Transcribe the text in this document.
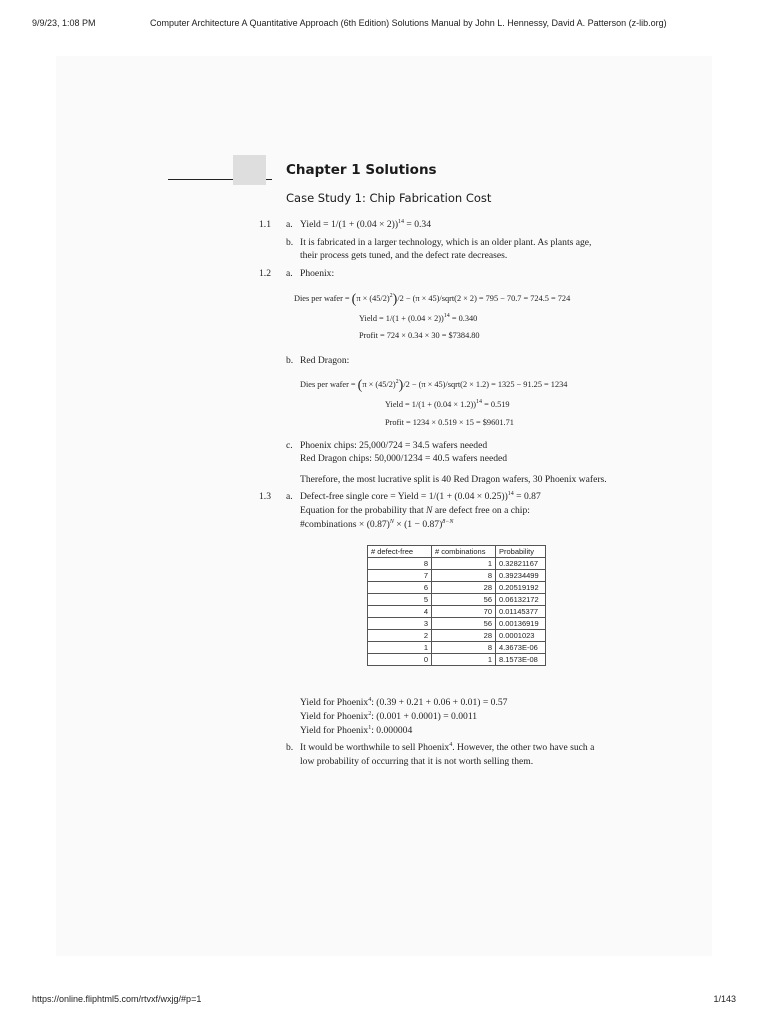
9/9/23, 1:08 PM	Computer Architecture A Quantitative Approach (6th Edition) Solutions Manual by John L. Hennessy, David A. Patterson (z-lib.org)
Chapter 1 Solutions
Case Study 1: Chip Fabrication Cost
1.1 a. Yield = $1/(1 + (0.04 \times 2))^{14} = 0.34$
b. It is fabricated in a larger technology, which is an older plant. As plants age,
their process gets tuned, and the defect rate decreases.
1.2 a. Phoenix:
Dies per wafer = $(\pi \times (45/2)^2)/2 - (\pi$ × 45)/sqrt(2 × 2) = 795 − 70.7 = 724.5 = 724
Yield = $1/(1 + (0.04 \times 2))^{14} = 0.340$
Profit = 724 × 0.34 × 30 = $7384.80
b. Red Dragon:
Dies per wafer = $(\pi \times (45/2)^2)/2 - (\pi$ × 45)/sqrt(2 × 1.2) = 1325 − 91.25 = 1234
Yield = $1/(1 + (0.04 \times 1.2))^{14} = 0.519$
Profit = 1234 × 0.519 × 15 = $9601.71
c. Phoenix chips: 25,000/724 = 34.5 wafers needed
Red Dragon chips: 50,000/1234 = 40.5 wafers needed
Therefore, the most lucrative split is 40 Red Dragon wafers, 30 Phoenix wafers.
1.3 a. Defect-free single core = Yield = $1/(1 + (0.04 \times 0.25))^{14} = 0.87$
Equation for the probability that N are defect free on a chip:
#combinations × $(0.87)^N \times (1 - 0.87)^{8-N}$
# defect-free	# combinations	Probability
8	1	0.32821167
7	8	0.39234499
6	28	0.20519192
5	56	0.06132172
4	70	0.01145377
3	56	0.00136919
2	28	0.0001023
1	8	4.3673E-06
0	1	8.1573E-08
Yield for Phoenix$^4$: (0.39 + 0.21 + 0.06 + 0.01) = 0.57
Yield for Phoenix$^2$: (0.001 + 0.0001) = 0.0011
Yield for Phoenix$^1$: 0.000004
b. It would be worthwhile to sell Phoenix$^4$. However, the other two have such a
low probability of occurring that it is not worth selling them.
https://online.fliphtml5.com/rtvxf/wxjg/#p=1	1/143
